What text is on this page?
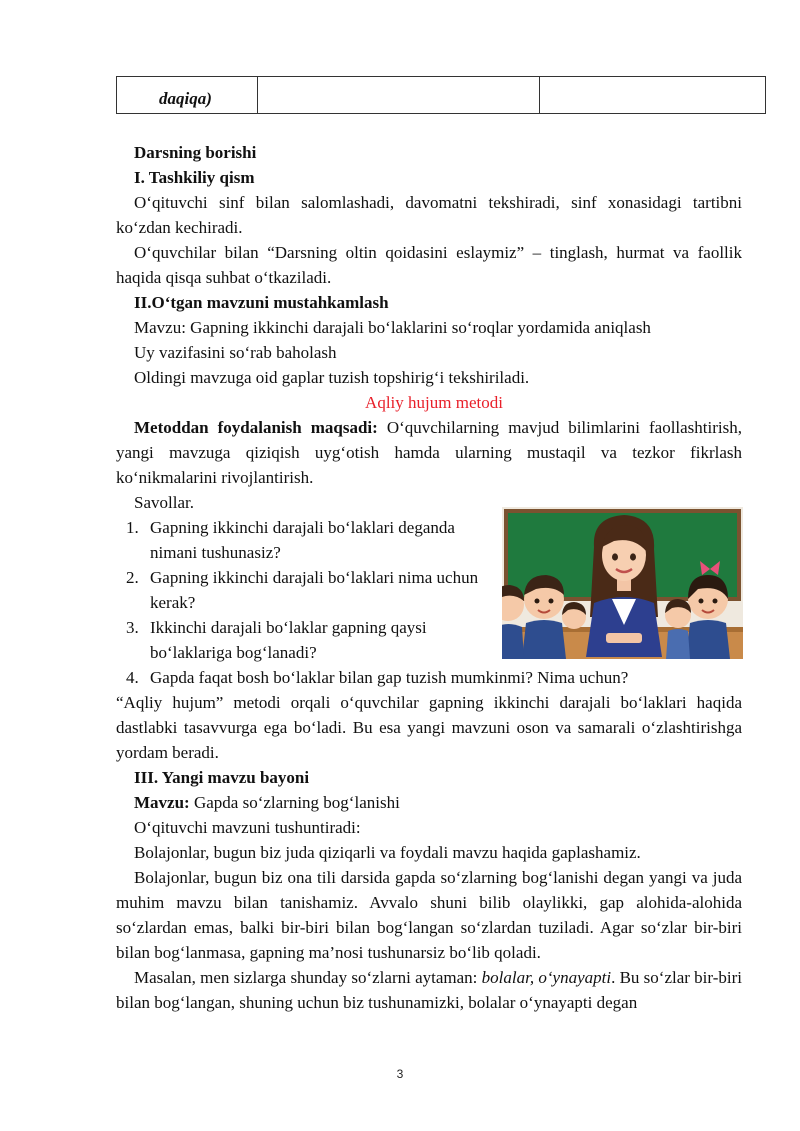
daqiqa)

Darsning borishi

I. Tashkiliy qism

O‘qituvchi sinf bilan salomlashadi, davomatni tekshiradi, sinf xonasidagi tartibni ko‘zdan kechiradi.

O‘quvchilar bilan “Darsning oltin qoidasini eslaymiz” – tinglash, hurmat va faollik haqida qisqa suhbat o‘tkaziladi.

II.O‘tgan mavzuni mustahkamlash

Mavzu: Gapning ikkinchi darajali bo‘laklarini so‘roqlar yordamida aniqlash

Uy vazifasini so‘rab baholash

Oldingi mavzuga oid gaplar tuzish topshirig‘i tekshiriladi.

Aqliy hujum metodi

Metoddan foydalanish maqsadi: O‘quvchilarning mavjud bilimlarini faollashtirish, yangi mavzuga qiziqish uyg‘otish hamda ularning mustaqil va tezkor fikrlash ko‘nikmalarini rivojlantirish.

Savollar.

1. Gapning ikkinchi darajali bo‘laklari deganda nimani tushunasiz?
2. Gapning ikkinchi darajali bo‘laklari nima uchun kerak?
3. Ikkinchi darajali bo‘laklar gapning qaysi bo‘laklariga bog‘lanadi?
4. Gapda faqat bosh bo‘laklar bilan gap tuzish mumkinmi? Nima uchun?

“Aqliy hujum” metodi orqali o‘quvchilar gapning ikkinchi darajali bo‘laklari haqida dastlabki tasavvurga ega bo‘ladi. Bu esa yangi mavzuni oson va samarali o‘zlashtirishga yordam beradi.

III. Yangi mavzu bayoni

Mavzu: Gapda so‘zlarning bog‘lanishi

O‘qituvchi mavzuni tushuntiradi:

Bolajonlar, bugun biz juda qiziqarli va foydali mavzu haqida gaplashamiz.

Bolajonlar, bugun biz ona tili darsida gapda so‘zlarning bog‘lanishi degan yangi va juda muhim mavzu bilan tanishamiz. Avvalo shuni bilib olaylikki, gap alohida-alohida so‘zlardan emas, balki bir-biri bilan bog‘langan so‘zlardan tuziladi. Agar so‘zlar bir-biri bilan bog‘lanmasa, gapning ma’nosi tushunarsiz bo‘lib qoladi.

Masalan, men sizlarga shunday so‘zlarni aytaman: bolalar, o‘ynayapti. Bu so‘zlar bir-biri bilan bog‘langan, shuning uchun biz tushunamizki, bolalar o‘ynayapti degan

3
